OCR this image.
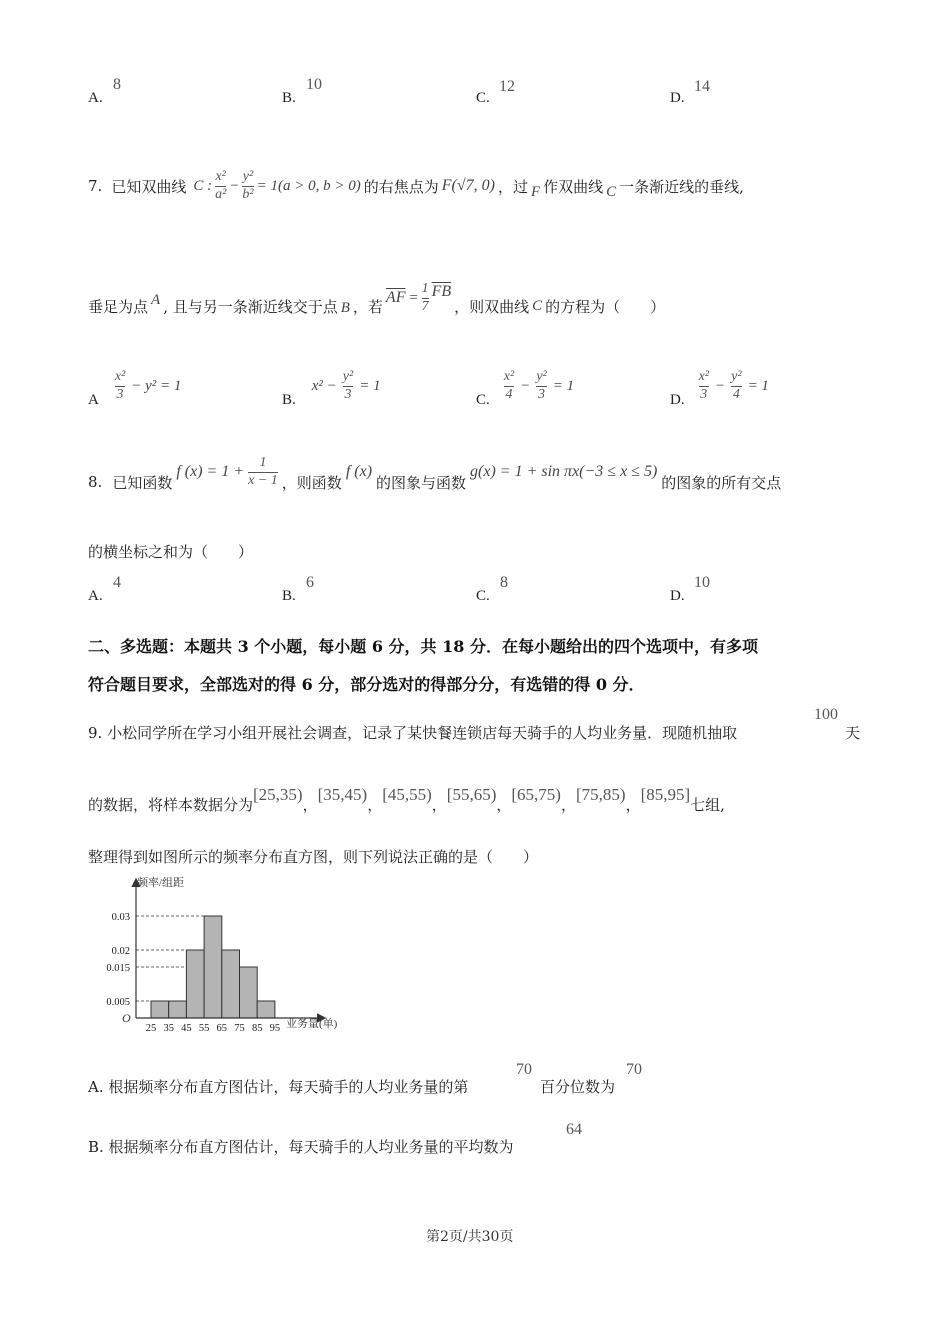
A.
8
B.
10
C.
12
D.
14
7. 已知双曲线 C : $\frac{\text{x²}}{\text{a²}} - \frac{\text{y²}}{\text{b²}} = 1(a > 0$, b > 0) 的右焦点为 F(√7, 0) ，过 F 作双曲线 C 一条渐近线的垂线,
垂足为点 A , 且与另一条渐近线交于点 B ，若 $\overline{AF} = \frac{1}{7} \overline{FB}$
，则双曲线 C 的方程为（　　）
A $\frac{\text{x²}}{3} - y^2 = 1$
B.
$x^2 - \frac{\text{y²}}{3} = 1$
C. $\frac{\text{x²}}{4} - \frac{\text{y²}}{3} = 1$
D. $\frac{\text{x²}}{3} - \frac{\text{y²}}{4} = 1$
8. 已知函数
f $(x) = 1 + \frac{1}{x - 1}$ ，则函数
f (x)
的图象与函数
g(x) = 1 + sin πx(−3 ≤ x ≤ 5)
的图象的所有交点
的横坐标之和为（　　）
A.
4
B.
6
C.
8
D.
10
二、多选题：本题共 3 个小题，每小题 6 分，共 18 分．在每小题给出的四个选项中，有多项
符合题目要求，全部选对的得 6 分，部分选对的得部分分，有选错的得 0 分．
9. 小松同学所在学习小组开展社会调查，记录了某快餐连锁店每天骑手的人均业务量．现随机抽取
100
天
的数据，将样本数据分为
[25,35)
，
[35,45)
，
[45,55)
，
[55,65)
，
[65,75)
，
[75,85)
，
[85,95]
七组,
整理得到如图所示的频率分布直方图，则下列说法正确的是（　　）
频率/组距
业务量(单)
O
0.005
0.015
0.02
0.03
25 35 45 55 65 75 85 95
A. 根据频率分布直方图估计，每天骑手的人均业务量的第
70
百分位数为
70
B. 根据频率分布直方图估计，每天骑手的人均业务量的平均数为
64
第2页/共30页
